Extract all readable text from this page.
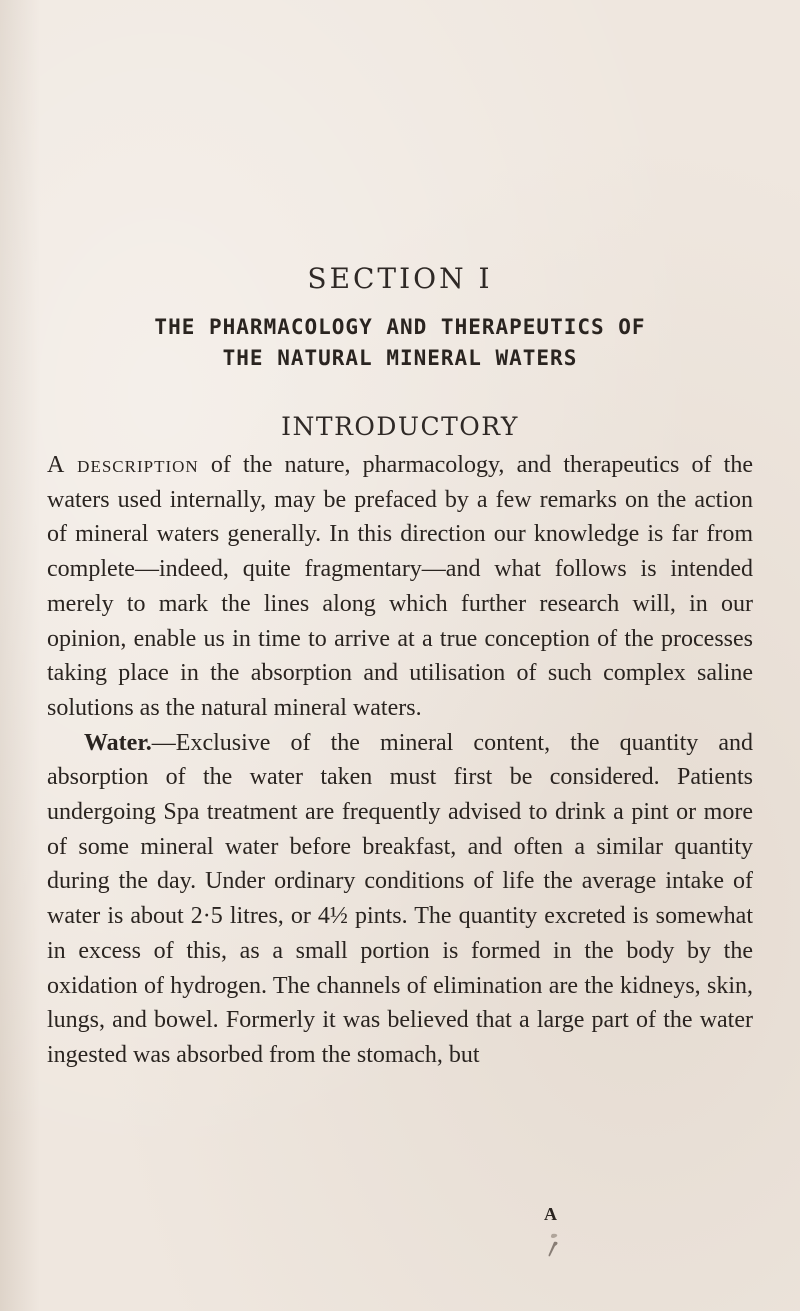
SECTION I
THE PHARMACOLOGY AND THERAPEUTICS OF
THE NATURAL MINERAL WATERS
INTRODUCTORY

A description of the nature, pharmacology, and therapeutics of the waters used internally, may be prefaced by a few remarks on the action of mineral waters generally. In this direction our knowledge is far from complete—indeed, quite fragmentary—and what follows is intended merely to mark the lines along which further research will, in our opinion, enable us in time to arrive at a true conception of the processes taking place in the absorption and utilisation of such complex saline solutions as the natural mineral waters.

Water.—Exclusive of the mineral content, the quantity and absorption of the water taken must first be considered. Patients undergoing Spa treatment are frequently advised to drink a pint or more of some mineral water before breakfast, and often a similar quantity during the day. Under ordinary conditions of life the average intake of water is about 2·5 litres, or 4½ pints. The quantity excreted is somewhat in excess of this, as a small portion is formed in the body by the oxidation of hydrogen. The channels of elimination are the kidneys, skin, lungs, and bowel. Formerly it was believed that a large part of the water ingested was absorbed from the stomach, but

A
